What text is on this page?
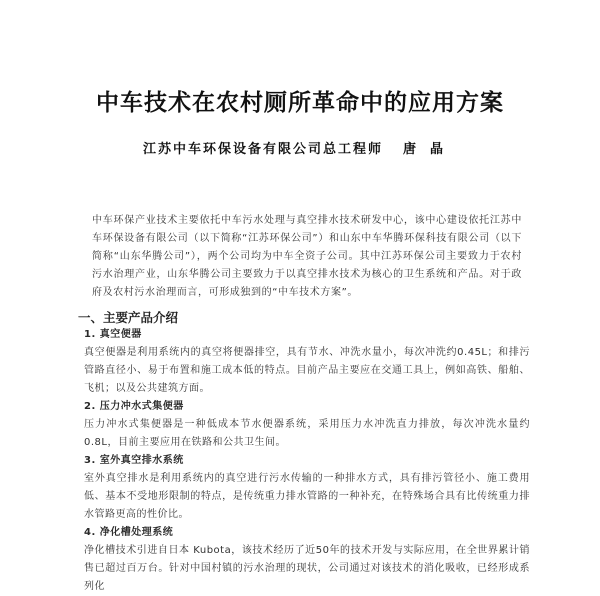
中车技术在农村厕所革命中的应用方案
江苏中车环保设备有限公司总工程师 唐晶

中车环保产业技术主要依托中车污水处理与真空排水技术研发中心，该中心建设依托江苏中车环保设备有限公司（以下简称“江苏环保公司”）和山东中车华腾环保科技有限公司（以下简称“山东华腾公司”），两个公司均为中车全资子公司。其中江苏环保公司主要致力于农村污水治理产业，山东华腾公司主要致力于以真空排水技术为核心的卫生系统和产品。对于政府及农村污水治理而言，可形成独到的“中车技术方案”。

一、主要产品介绍

1. 真空便器

真空便器是利用系统内的真空将便器排空，具有节水、冲洗水量小，每次冲洗约0.45L；和排污管路直径小、易于布置和施工成本低的特点。目前产品主要应在交通工具上，例如高铁、船舶、飞机；以及公共建筑方面。

2. 压力冲水式集便器

压力冲水式集便器是一种低成本节水便器系统，采用压力水冲洗直力排放，每次冲洗水量约0.8L，目前主要应用在铁路和公共卫生间。

3. 室外真空排水系统

室外真空排水是利用系统内的真空进行污水传输的一种排水方式，具有排污管径小、施工费用低、基本不受地形限制的特点，是传统重力排水管路的一种补充，在特殊场合具有比传统重力排水管路更高的性价比。

4. 净化槽处理系统

净化槽技术引进自日本 Kubota，该技术经历了近50年的技术开发与实际应用，在全世界累计销售已超过百万台。针对中国村镇的污水治理的现状，公司通过对该技术的消化吸收，已经形成系列化
